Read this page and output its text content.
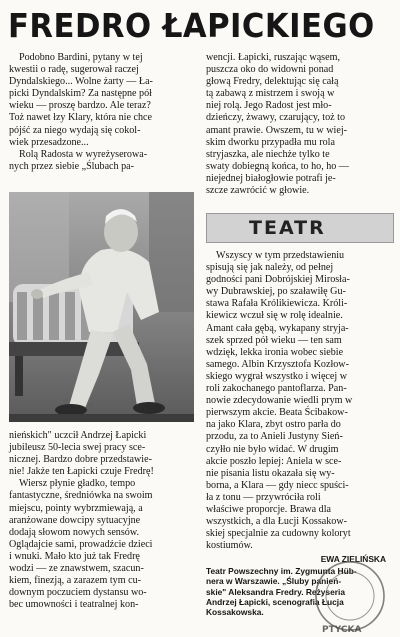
FREDRO ŁAPICKIEGO

Podobno Bardini, pytany w tej

kwestii o radę, sugerował raczej

Dyndalskiego... Wolne żarty — Ła-

picki Dyndalskim? Za następne pół

wieku — proszę bardzo. Ale teraz?

Toż nawet łzy Klary, która nie chce

pójść za niego wydają się cokol-

wiek przesadzone...

Rolą Radosta w wyreżyserowa-

nych przez siebie „Ślubach pa-

nieńskich" uczcił Andrzej Łapicki

jubileusz 50-lecia swej pracy sce-

nicznej. Bardzo dobre przedstawie-

nie! Jakże ten Łapicki czuje Fredrę!

Wiersz płynie gładko, tempo

fantastyczne, średniówka na swoim

miejscu, pointy wybrzmiewają, a

aranżowane dowcipy sytuacyjne

dodają słowom nowych sensów.

Oglądajcie sami, prowadźcie dzieci

i wnuki. Mało kto już tak Fredrę

wodzi — ze znawstwem, szacun-

kiem, finezją, a zarazem tym cu-

downym poczuciem dystansu wo-

bec umowności i teatralnej kon-

wencji. Łapicki, ruszając wąsem,

puszcza oko do widowni ponad

głową Fredry, delektując się całą

tą zabawą z mistrzem i swoją w

niej rolą. Jego Radost jest mło-

dzieńczy, żwawy, czarujący, toż to

amant prawie. Owszem, tu w wiej-

skim dworku przypadła mu rola

stryjaszka, ale niechże tylko te

swaty dobiegną końca, to ho, ho —

niejednej białogłowie potrafi je-

szcze zawrócić w głowie.

TEATR

Wszyscy w tym przedstawieniu

spisują się jak należy, od pełnej

godności pani Dobrójskiej Mirosła-

wy Dubrawskiej, po szaławiłę Gu-

stawa Rafała Królikiewicza. Króli-

kiewicz wczuł się w rolę idealnie.

Amant cała gębą, wykapany stryja-

szek sprzed pół wieku — ten sam

wdzięk, lekka ironia wobec siebie

samego. Albin Krzysztofa Kozłow-

skiego wygrał wszystko i więcej w

roli zakochanego pantoflarza. Pan-

nowie zdecydowanie wiedli prym w

pierwszym akcie. Beata Ścibakow-

na jako Klara, zbyt ostro parła do

przodu, za to Anieli Justyny Sień-

czyłło nie było widać. W drugim

akcie poszło lepiej: Aniela w sce-

nie pisania listu okazała się wy-

borna, a Klara — gdy niecc spuści-

ła z tonu — przywróciła roli

właściwe proporcje. Brawa dla

wszystkich, a dla Łucji Kossakow-

skiej specjalnie za cudowny koloryt

kostiumów.

EWA ZIELIŃSKA

Teatr Powszechny im. Zygmunta Hüb-

nera w Warszawie. „Śluby panień-

skie" Aleksandra Fredry. Reżyseria

Andrzej Łapicki, scenografia Łucja

Kossakowska.

PTYCKA
